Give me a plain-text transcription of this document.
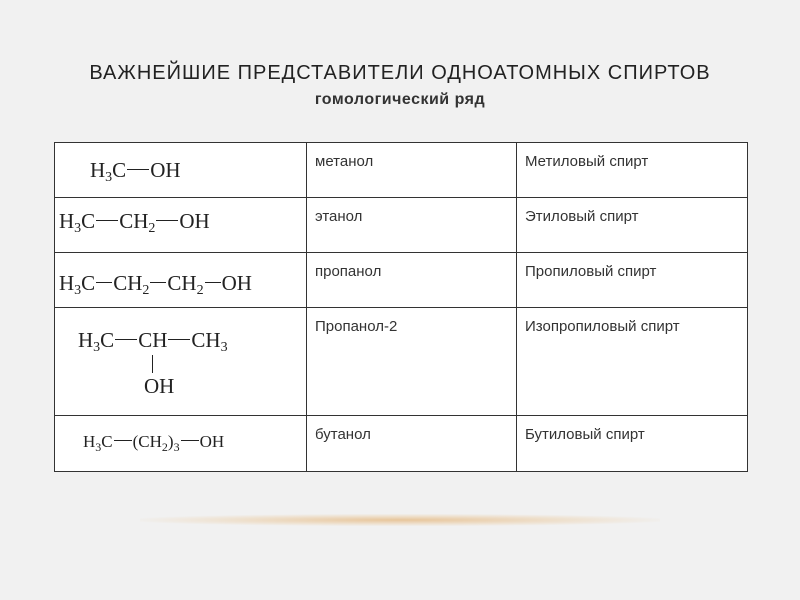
ВАЖНЕЙШИЕ ПРЕДСТАВИТЕЛИ ОДНОАТОМНЫХ СПИРТОВ
гомологический ряд
$H_3C$ OH	метанол	Метиловый спирт

$H_3C$ $CH_2$ OH	этанол	Этиловый спирт

$H_3C$ $CH_2$ $CH_2$ OH	пропанол	Пропиловый спирт

$H_3C$ CH $CH_3$
OH	Пропанол-2	Изопропиловый спирт

$H_3C$ $(CH_2)_3$ OH	бутанол	Бутиловый спирт
